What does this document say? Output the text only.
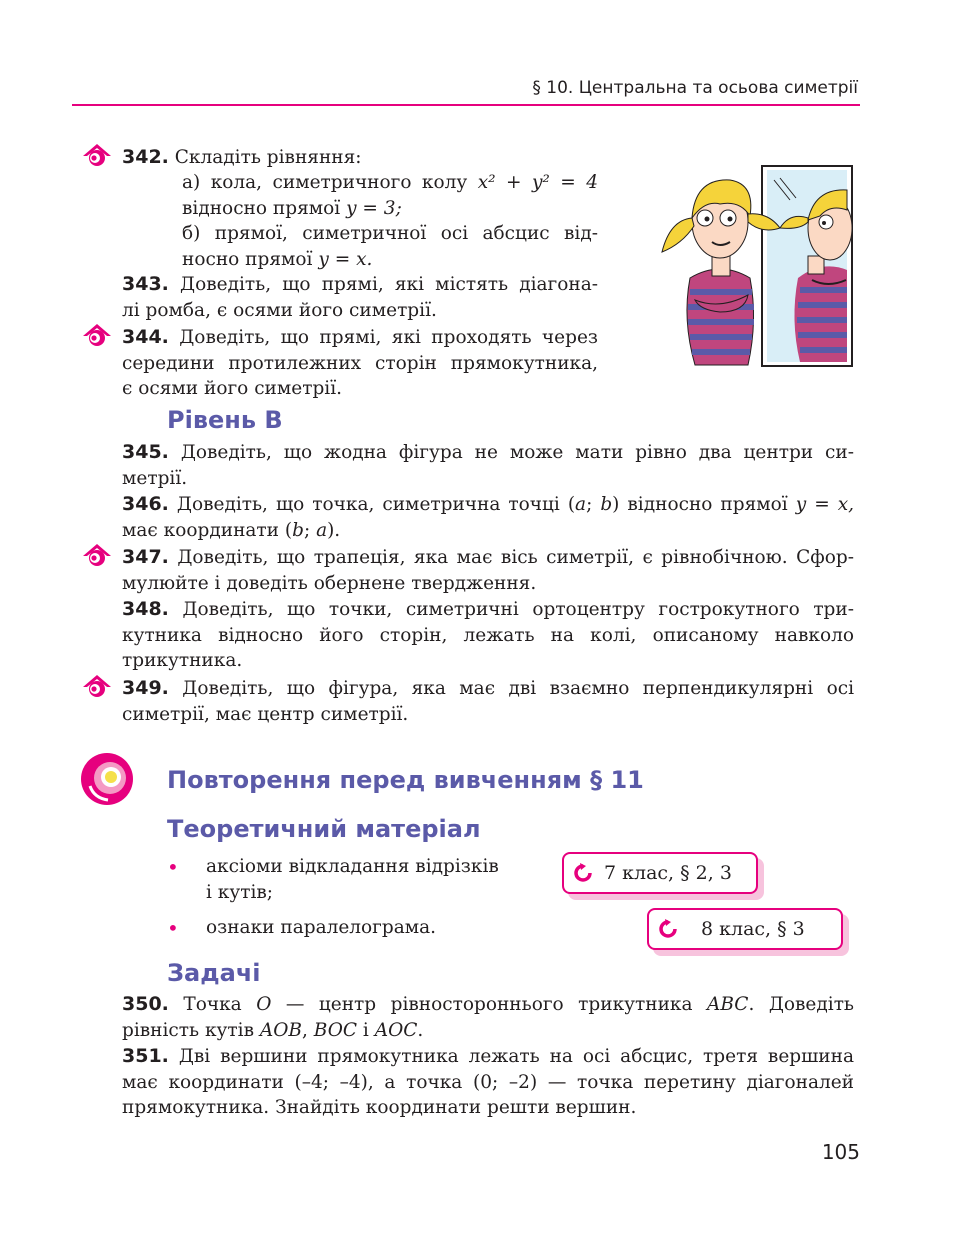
§ 10. Центральна та осьова симетрії
342. Складіть рівняння:
а) кола, симетричного колу x² + y² = 4
відносно прямої y = 3;
б) прямої, симетричної осі абсцис від-
носно прямої y = x.
343. Доведіть, що прямі, які містять діагона-
лі ромба, є осями його симетрії.
344. Доведіть, що прямі, які проходять через
середини протилежних сторін прямокутника,
є осями його симетрії.
Рівень В
345. Доведіть, що жодна фігура не може мати рівно два центри си-
метрії.
346. Доведіть, що точка, симетрична точці (a; b) відносно прямої y = x,
має координати (b; a).
347. Доведіть, що трапеція, яка має вісь симетрії, є рівнобічною. Сфор-
мулюйте і доведіть обернене твердження.
348. Доведіть, що точки, симетричні ортоцентру гострокутного три-
кутника відносно його сторін, лежать на колі, описаному навколо
трикутника.
349. Доведіть, що фігура, яка має дві взаємно перпендикулярні осі
симетрії, має центр симетрії.
Повторення перед вивченням § 11
Теоретичний матеріал
• аксіоми відкладання відрізків
і кутів;
• ознаки паралелограма.
7 клас, § 2, 3
8 клас, § 3
Задачі
350. Точка O — центр рівностороннього трикутника ABC. Доведіть
рівність кутів AOB, BOC і AOC.
351. Дві вершини прямокутника лежать на осі абсцис, третя вершина
має координати (–4; –4), а точка (0; –2) — точка перетину діагоналей
прямокутника. Знайдіть координати решти вершин.
105
